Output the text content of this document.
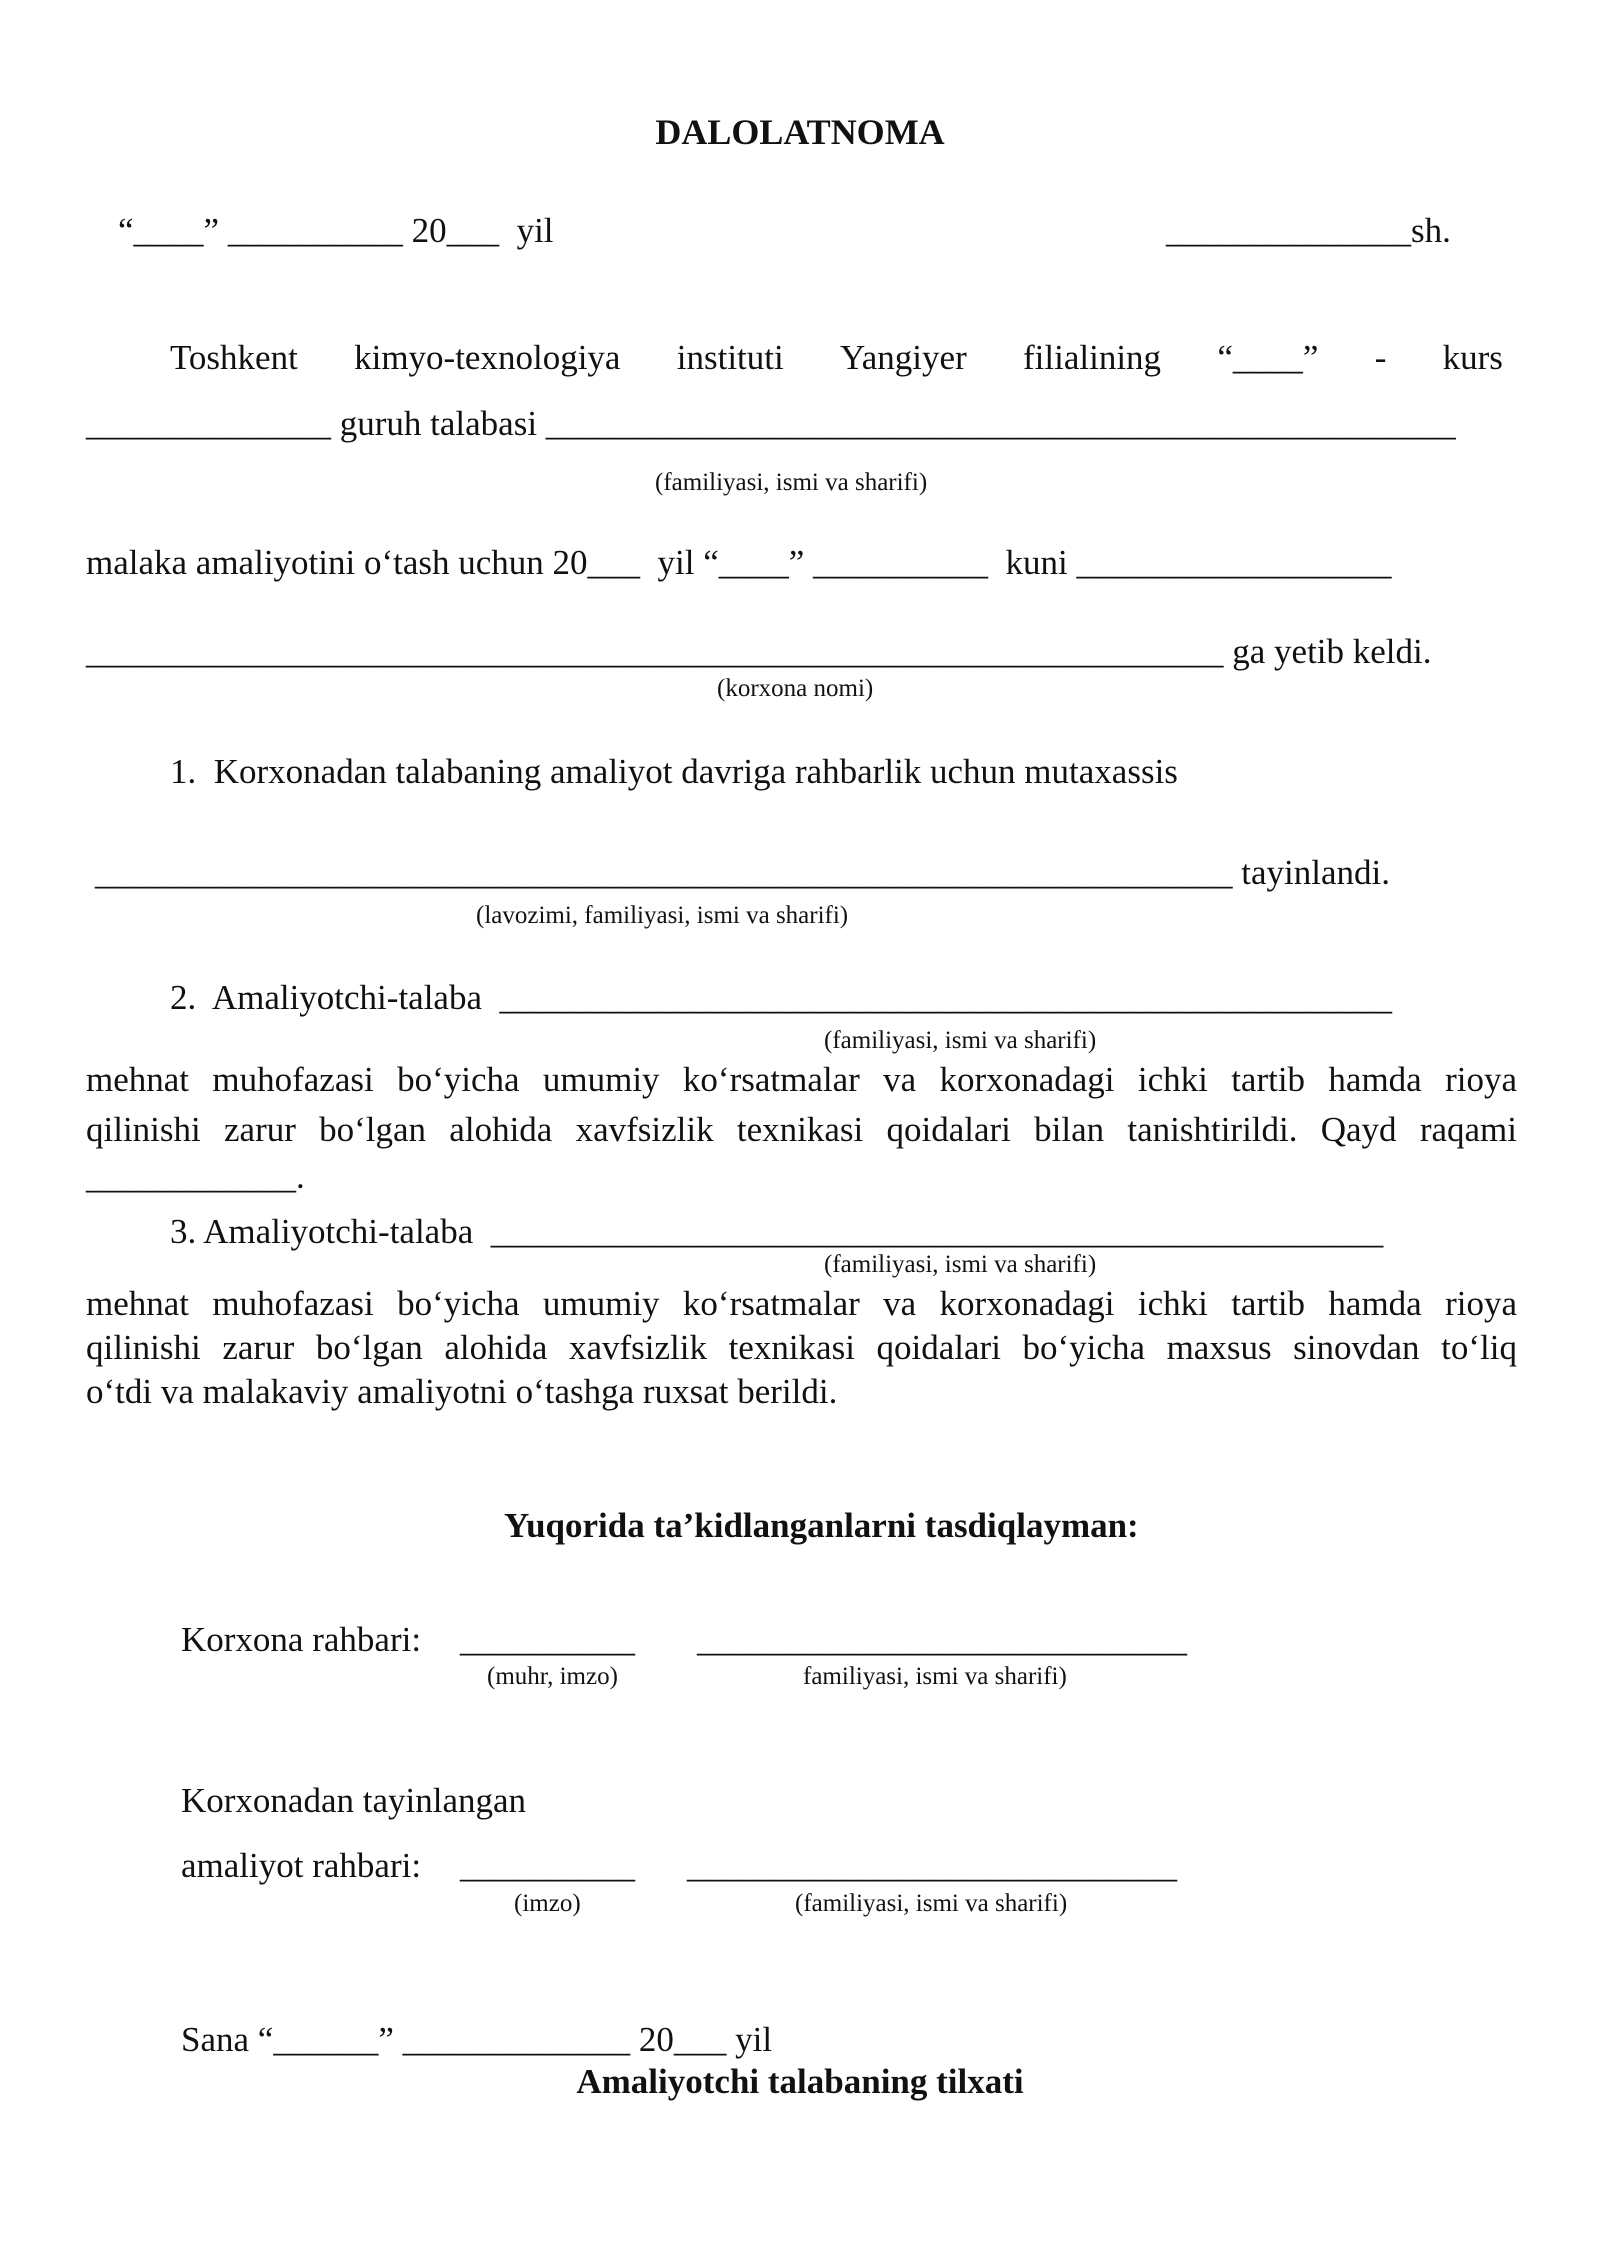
DALOLATNOMA
“____” __________ 20___  yil	______________sh.
Toshkent kimyo-texnologiya instituti Yangiyer filialining “____” - kurs
______________ guruh talabasi ____________________________________________________
(familiyasi, ismi va sharifi)
malaka amaliyotini o‘tash uchun 20___  yil “____” __________  kuni __________________
_________________________________________________________________ ga yetib keldi.
(korxona nomi)
1.  Korxonadan talabaning amaliyot davriga rahbarlik uchun mutaxassis
_________________________________________________________________ tayinlandi.
(lavozimi, familiyasi, ismi va sharifi)
2.  Amaliyotchi-talaba  ___________________________________________________
(familiyasi, ismi va sharifi)
mehnat muhofazasi bo‘yicha umumiy ko‘rsatmalar va korxonadagi ichki tartib hamda rioya
qilinishi zarur bo‘lgan alohida xavfsizlik texnikasi qoidalari bilan tanishtirildi. Qayd raqami
____________.
3. Amaliyotchi-talaba  ___________________________________________________
(familiyasi, ismi va sharifi)
mehnat muhofazasi bo‘yicha umumiy ko‘rsatmalar va korxonadagi ichki tartib hamda rioya
qilinishi zarur bo‘lgan alohida xavfsizlik texnikasi qoidalari bo‘yicha maxsus sinovdan to‘liq
o‘tdi va malakaviy amaliyotni o‘tashga ruxsat berildi.
Yuqorida ta’kidlanganlarni tasdiqlayman:
Korxona rahbari: __________ ____________________________
(muhr, imzo)	familiyasi, ismi va sharifi)
Korxonadan tayinlangan
amaliyot rahbari: __________ ____________________________
(imzo)	(familiyasi, ismi va sharifi)
Sana “______” _____________ 20___ yil
Amaliyotchi talabaning tilxati
